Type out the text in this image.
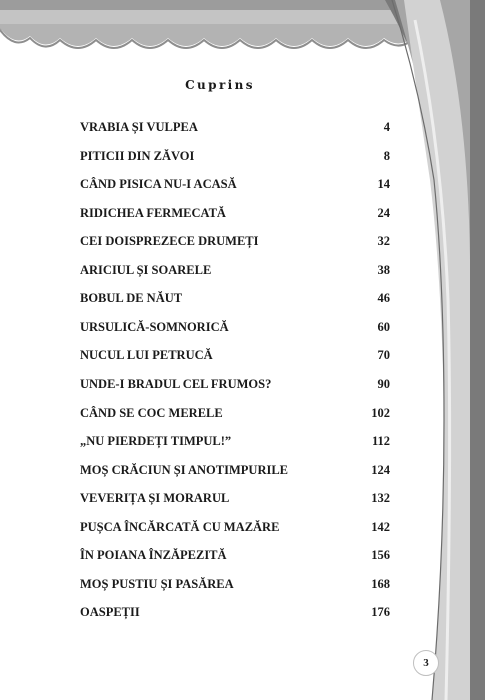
Cuprins
VRABIA ȘI VULPEA	4
PITICII DIN ZĂVOI	8
CÂND PISICA NU-I ACASĂ	14
RIDICHEA FERMECATĂ	24
CEI DOISPREZECE DRUMEȚI	32
ARICIUL ȘI SOARELE	38
BOBUL DE NĂUT	46
URSULICĂ-SOMNORICĂ	60
NUCUL LUI PETRUCĂ	70
UNDE-I BRADUL CEL FRUMOS?	90
CÂND SE COC MERELE	102
„NU PIERDEȚI TIMPUL!”	112
MOȘ CRĂCIUN ȘI ANOTIMPURILE	124
VEVERIȚA ȘI MORARUL	132
PUȘCA ÎNCĂRCATĂ CU MAZĂRE	142
ÎN POIANA ÎNZĂPEZITĂ	156
MOȘ PUSTIU ȘI PASĂREA	168
OASPEȚII	176
3
